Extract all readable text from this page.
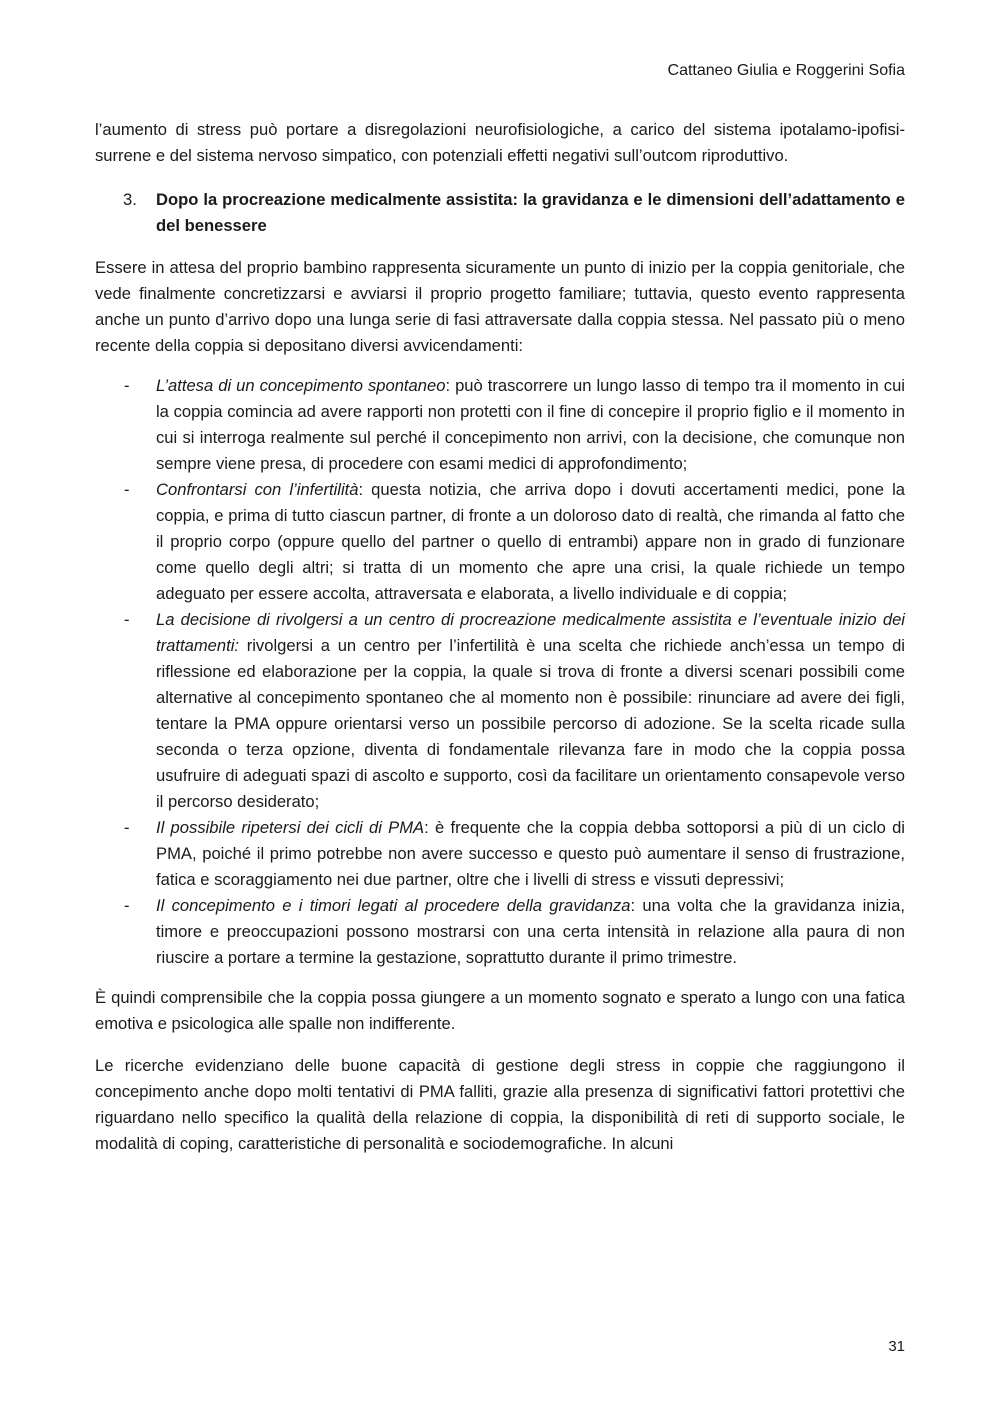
Cattaneo Giulia e Roggerini Sofia

l’aumento di stress può portare a disregolazioni neurofisiologiche, a carico del sistema ipotalamo-ipofisi-surrene e del sistema nervoso simpatico, con potenziali effetti negativi sull’outcom riproduttivo.

3. Dopo la procreazione medicalmente assistita: la gravidanza e le dimensioni dell’adattamento e del benessere

Essere in attesa del proprio bambino rappresenta sicuramente un punto di inizio per la coppia genitoriale, che vede finalmente concretizzarsi e avviarsi il proprio progetto familiare; tuttavia, questo evento rappresenta anche un punto d’arrivo dopo una lunga serie di fasi attraversate dalla coppia stessa. Nel passato più o meno recente della coppia si depositano diversi avvicendamenti:

- L’attesa di un concepimento spontaneo: può trascorrere un lungo lasso di tempo tra il momento in cui la coppia comincia ad avere rapporti non protetti con il fine di concepire il proprio figlio e il momento in cui si interroga realmente sul perché il concepimento non arrivi, con la decisione, che comunque non sempre viene presa, di procedere con esami medici di approfondimento;
- Confrontarsi con l’infertilità: questa notizia, che arriva dopo i dovuti accertamenti medici, pone la coppia, e prima di tutto ciascun partner, di fronte a un doloroso dato di realtà, che rimanda al fatto che il proprio corpo (oppure quello del partner o quello di entrambi) appare non in grado di funzionare come quello degli altri; si tratta di un momento che apre una crisi, la quale richiede un tempo adeguato per essere accolta, attraversata e elaborata, a livello individuale e di coppia;
- La decisione di rivolgersi a un centro di procreazione medicalmente assistita e l’eventuale inizio dei trattamenti: rivolgersi a un centro per l’infertilità è una scelta che richiede anch’essa un tempo di riflessione ed elaborazione per la coppia, la quale si trova di fronte a diversi scenari possibili come alternative al concepimento spontaneo che al momento non è possibile: rinunciare ad avere dei figli, tentare la PMA oppure orientarsi verso un possibile percorso di adozione. Se la scelta ricade sulla seconda o terza opzione, diventa di fondamentale rilevanza fare in modo che la coppia possa usufruire di adeguati spazi di ascolto e supporto, così da facilitare un orientamento consapevole verso il percorso desiderato;
- Il possibile ripetersi dei cicli di PMA: è frequente che la coppia debba sottoporsi a più di un ciclo di PMA, poiché il primo potrebbe non avere successo e questo può aumentare il senso di frustrazione, fatica e scoraggiamento nei due partner, oltre che i livelli di stress e vissuti depressivi;
- Il concepimento e i timori legati al procedere della gravidanza: una volta che la gravidanza inizia, timore e preoccupazioni possono mostrarsi con una certa intensità in relazione alla paura di non riuscire a portare a termine la gestazione, soprattutto durante il primo trimestre.

È quindi comprensibile che la coppia possa giungere a un momento sognato e sperato a lungo con una fatica emotiva e psicologica alle spalle non indifferente.

Le ricerche evidenziano delle buone capacità di gestione degli stress in coppie che raggiungono il concepimento anche dopo molti tentativi di PMA falliti, grazie alla presenza di significativi fattori protettivi che riguardano nello specifico la qualità della relazione di coppia, la disponibilità di reti di supporto sociale, le modalità di coping, caratteristiche di personalità e sociodemografiche. In alcuni

31
